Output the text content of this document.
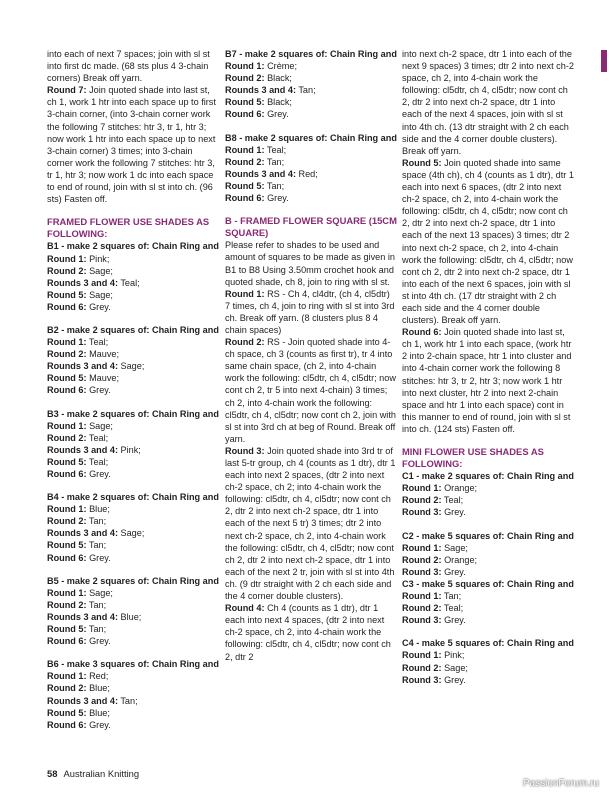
into each of next 7 spaces; join with sl st into first dc made. (68 sts plus 4 3-chain corners) Break off yarn.

Round 7: Join quoted shade into last st, ch 1, work 1 htr into each space up to first 3-chain corner, (into 3-chain corner work the following 7 stitches: htr 3, tr 1, htr 3; now work 1 htr into each space up to next 3-chain corner) 3 times; into 3-chain corner work the following 7 stitches: htr 3, tr 1, htr 3; now work 1 dc into each space to end of round, join with sl st into ch. (96 sts) Fasten off.

FRAMED FLOWER USE SHADES AS FOLLOWING:

B1 - make 2 squares of: Chain Ring and Round 1: Pink;

Round 2: Sage;

Rounds 3 and 4: Teal;

Round 5: Sage;

Round 6: Grey.

B2 - make 2 squares of: Chain Ring and Round 1: Teal;

Round 2: Mauve;

Rounds 3 and 4: Sage;

Round 5: Mauve;

Round 6: Grey.

B3 - make 2 squares of: Chain Ring and Round 1: Sage;

Round 2: Teal;

Rounds 3 and 4: Pink;

Round 5: Teal;

Round 6: Grey.

B4 - make 2 squares of: Chain Ring and Round 1: Blue;

Round 2: Tan;

Rounds 3 and 4: Sage;

Round 5: Tan;

Round 6: Grey.

B5 - make 2 squares of: Chain Ring and Round 1: Sage;

Round 2: Tan;

Rounds 3 and 4: Blue;

Round 5: Tan;

Round 6: Grey.

B6 - make 3 squares of: Chain Ring and Round 1: Red;

Round 2: Blue;

Rounds 3 and 4: Tan;

Round 5: Blue;

Round 6: Grey.

B7 - make 2 squares of: Chain Ring and Round 1: Crème;

Round 2: Black;

Rounds 3 and 4: Tan;

Round 5: Black;

Round 6: Grey.

B8 - make 2 squares of: Chain Ring and Round 1: Teal;

Round 2: Tan;

Rounds 3 and 4: Red;

Round 5: Tan;

Round 6: Grey.

B - FRAMED FLOWER SQUARE (15CM SQUARE)

Please refer to shades to be used and amount of squares to be made as given in B1 to B8 Using 3.50mm crochet hook and quoted shade, ch 8, join to ring with sl st.

Round 1: RS - Ch 4, cl4dtr, (ch 4, cl5dtr) 7 times, ch 4, join to ring with sl st into 3rd ch. Break off yarn. (8 clusters plus 8 4 chain spaces)

Round 2: RS - Join quoted shade into 4-ch space, ch 3 (counts as first tr), tr 4 into same chain space, (ch 2, into 4-chain work the following: cl5dtr, ch 4, cl5dtr; now cont ch 2, tr 5 into next 4-chain) 3 times; ch 2, into 4-chain work the following: cl5dtr, ch 4, cl5dtr; now cont ch 2, join with sl st into 3rd ch at beg of Round. Break off yarn.

Round 3: Join quoted shade into 3rd tr of last 5-tr group, ch 4 (counts as 1 dtr), dtr 1 each into next 2 spaces, (dtr 2 into next ch-2 space, ch 2; into 4-chain work the following: cl5dtr, ch 4, cl5dtr; now cont ch 2, dtr 2 into next ch-2 space, dtr 1 into each of the next 5 tr) 3 times; dtr 2 into next ch-2 space, ch 2, into 4-chain work the following: cl5dtr, ch 4, cl5dtr; now cont ch 2, dtr 2 into next ch-2 space, dtr 1 into each of the next 2 tr, join with sl st into 4th ch. (9 dtr straight with 2 ch each side and the 4 corner double clusters).

Round 4: Ch 4 (counts as 1 dtr), dtr 1 each into next 4 spaces, (dtr 2 into next ch-2 space, ch 2, into 4-chain work the following: cl5dtr, ch 4, cl5dtr; now cont ch 2, dtr 2

into next ch-2 space, dtr 1 into each of the next 9 spaces) 3 times; dtr 2 into next ch-2 space, ch 2, into 4-chain work the following: cl5dtr, ch 4, cl5dtr; now cont ch 2, dtr 2 into next ch-2 space, dtr 1 into each of the next 4 spaces, join with sl st into 4th ch. (13 dtr straight with 2 ch each side and the 4 corner double clusters). Break off yarn.

Round 5: Join quoted shade into same space (4th ch), ch 4 (counts as 1 dtr), dtr 1 each into next 6 spaces, (dtr 2 into next ch-2 space, ch 2, into 4-chain work the following: cl5dtr, ch 4, cl5dtr; now cont ch 2, dtr 2 into next ch-2 space, dtr 1 into each of the next 13 spaces) 3 times; dtr 2 into next ch-2 space, ch 2, into 4-chain work the following: cl5dtr, ch 4, cl5dtr; now cont ch 2, dtr 2 into next ch-2 space, dtr 1 into each of the next 6 spaces, join with sl st into 4th ch. (17 dtr straight with 2 ch each side and the 4 corner double clusters). Break off yarn.

Round 6: Join quoted shade into last st, ch 1, work htr 1 into each space, (work htr 2 into 2-chain space, htr 1 into cluster and into 4-chain corner work the following 8 stitches: htr 3, tr 2, htr 3; now work 1 htr into next cluster, htr 2 into next 2-chain space and htr 1 into each space) cont in this manner to end of round, join with sl st into ch. (124 sts) Fasten off.

MINI FLOWER USE SHADES AS FOLLOWING:

C1 - make 2 squares of: Chain Ring and Round 1: Orange;

Round 2: Teal;

Round 3: Grey.

C2 - make 5 squares of: Chain Ring and Round 1: Sage;

Round 2: Orange;

Round 3: Grey.

C3 - make 5 squares of: Chain Ring and Round 1: Tan;

Round 2: Teal;

Round 3: Grey.

C4 - make 5 squares of: Chain Ring and Round 1: Pink;

Round 2: Sage;

Round 3: Grey.

58 Australian Knitting
PassionForum.ru
